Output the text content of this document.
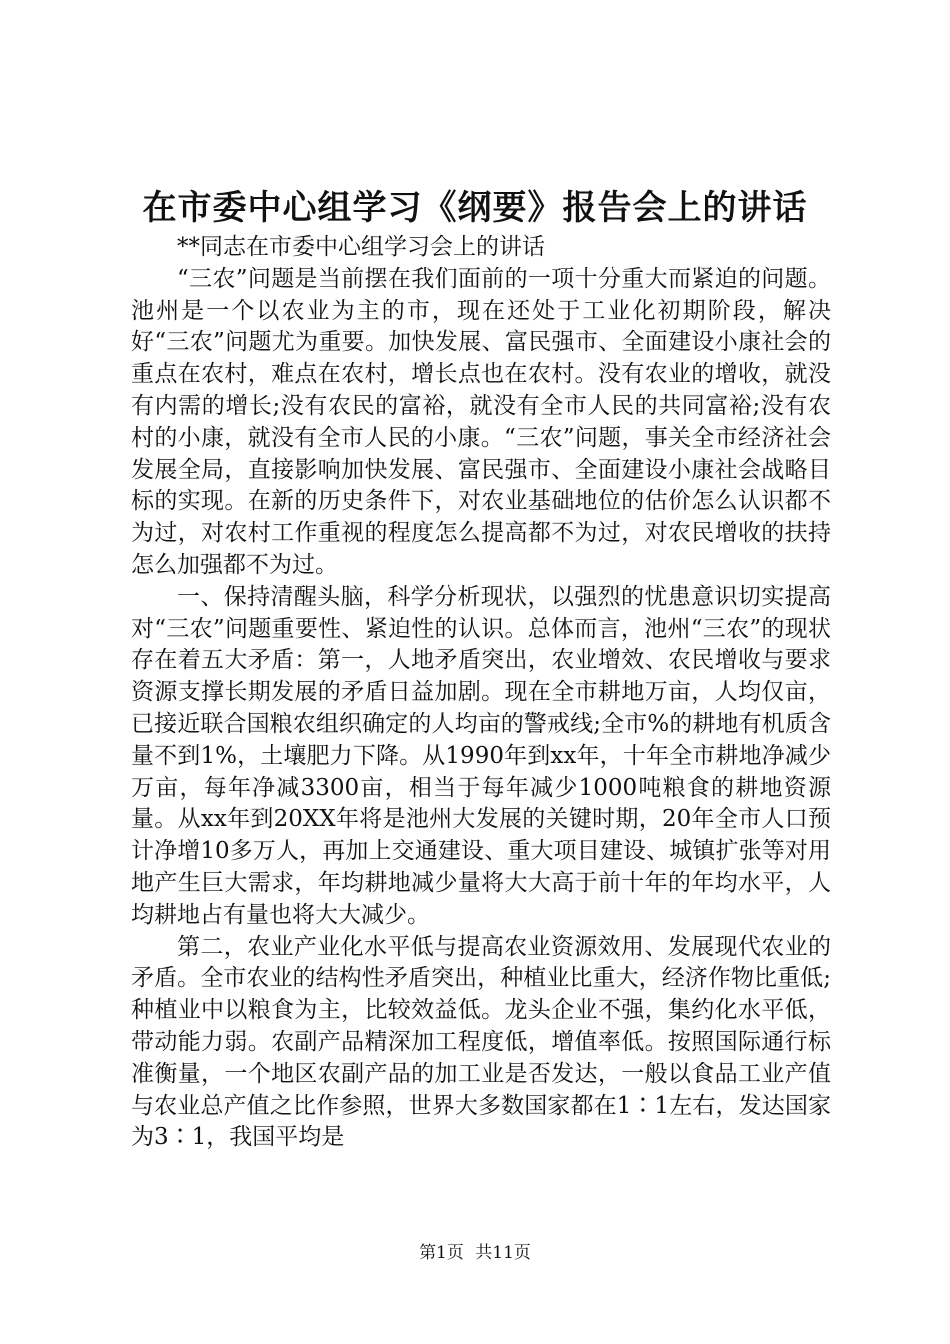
在市委中心组学习《纲要》报告会上的讲话

**同志在市委中心组学习会上的讲话

“三农”问题是当前摆在我们面前的一项十分重大而紧迫的问题。池州是一个以农业为主的市，现在还处于工业化初期阶段，解决好“三农”问题尤为重要。加快发展、富民强市、全面建设小康社会的重点在农村，难点在农村，增长点也在农村。没有农业的增收，就没有内需的增长;没有农民的富裕，就没有全市人民的共同富裕;没有农村的小康，就没有全市人民的小康。“三农”问题，事关全市经济社会发展全局，直接影响加快发展、富民强市、全面建设小康社会战略目标的实现。在新的历史条件下，对农业基础地位的估价怎么认识都不为过，对农村工作重视的程度怎么提高都不为过，对农民增收的扶持怎么加强都不为过。

一、保持清醒头脑，科学分析现状，以强烈的忧患意识切实提高对“三农”问题重要性、紧迫性的认识。总体而言，池州“三农”的现状存在着五大矛盾：第一，人地矛盾突出，农业增效、农民增收与要求资源支撑长期发展的矛盾日益加剧。现在全市耕地万亩，人均仅亩，已接近联合国粮农组织确定的人均亩的警戒线;全市%的耕地有机质含量不到1%，土壤肥力下降。从1990年到xx年，十年全市耕地净减少万亩，每年净减3300亩，相当于每年减少1000吨粮食的耕地资源量。从xx年到20XX年将是池州大发展的关键时期，20年全市人口预计净增10多万人，再加上交通建设、重大项目建设、城镇扩张等对用地产生巨大需求，年均耕地减少量将大大高于前十年的年均水平，人均耕地占有量也将大大减少。

第二，农业产业化水平低与提高农业资源效用、发展现代农业的矛盾。全市农业的结构性矛盾突出，种植业比重大，经济作物比重低;种植业中以粮食为主，比较效益低。龙头企业不强，集约化水平低，带动能力弱。农副产品精深加工程度低，增值率低。按照国际通行标准衡量，一个地区农副产品的加工业是否发达，一般以食品工业产值与农业总产值之比作参照，世界大多数国家都在1∶1左右，发达国家为3∶1，我国平均是

第1页 共11页
